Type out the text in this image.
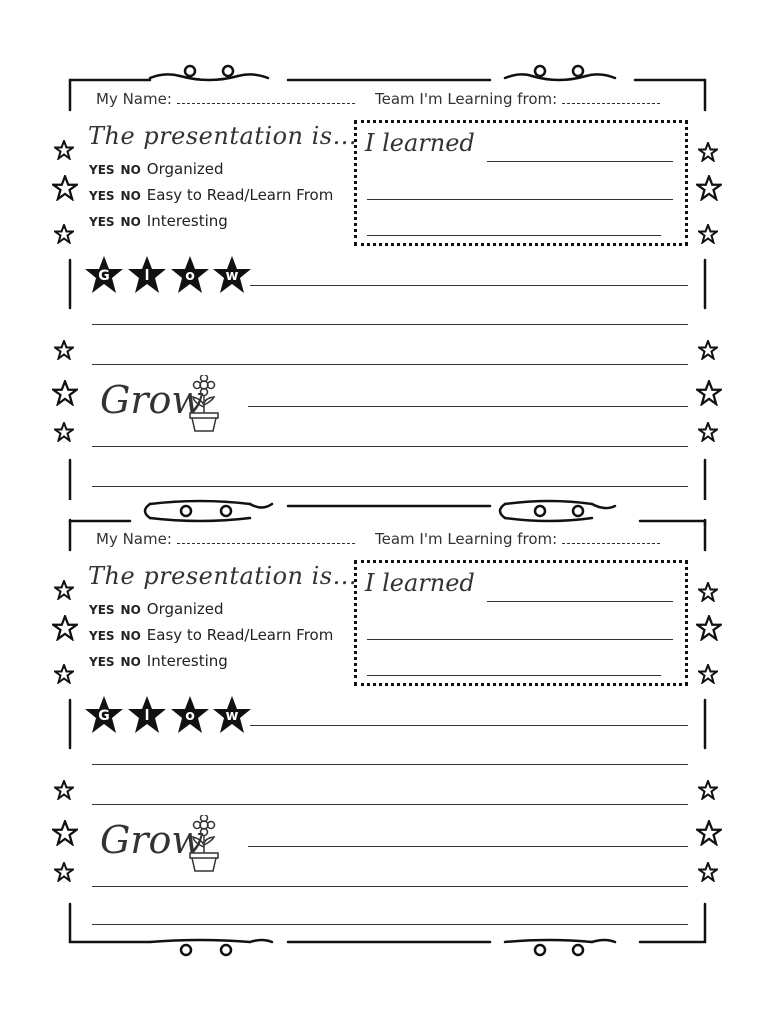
My Name:	Team I'm Learning from:
The presentation is...
YES NO Organized
YES NO Easy to Read/Learn From
YES NO Interesting
I learned
G	l	o	w
Grow
My Name:	Team I'm Learning from:
The presentation is...
YES NO Organized
YES NO Easy to Read/Learn From
YES NO Interesting
I learned
G	l	o	w
Grow
